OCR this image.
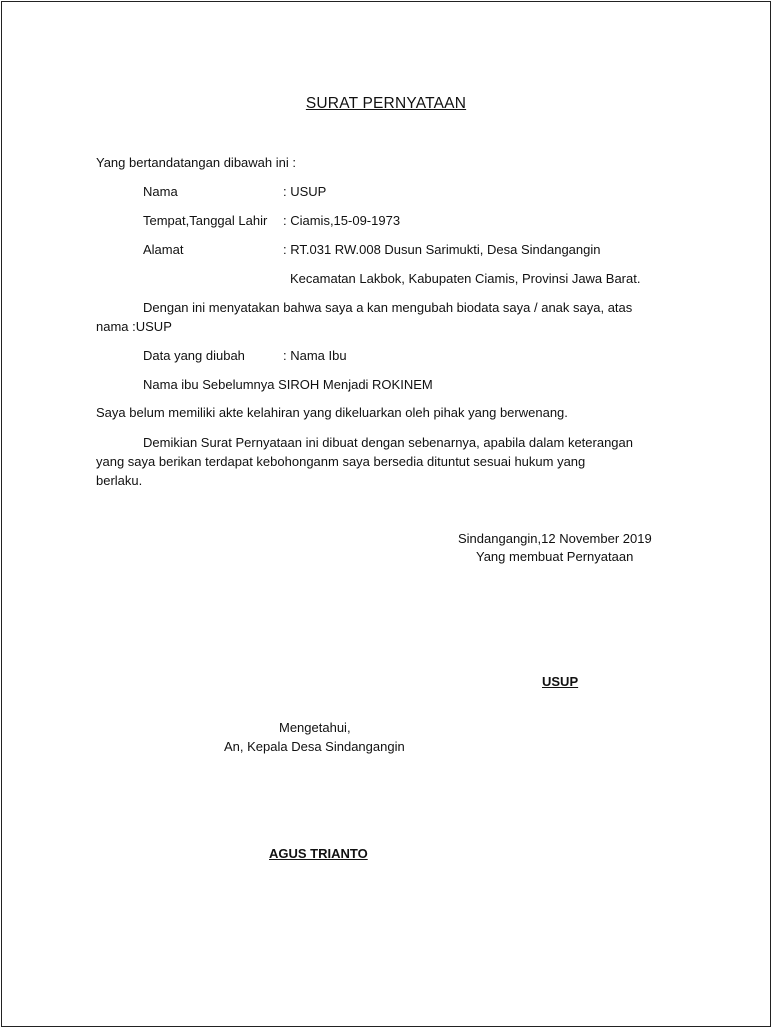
SURAT PERNYATAAN
Yang bertandatangan dibawah ini :
Nama	: USUP
Tempat,Tanggal Lahir : Ciamis,15-09-1973
Alamat	: RT.031 RW.008 Dusun Sarimukti, Desa Sindangangin
Kecamatan Lakbok, Kabupaten Ciamis, Provinsi Jawa Barat.
Dengan ini menyatakan bahwa saya a kan mengubah biodata saya / anak saya, atas
nama :USUP
Data yang diubah	: Nama Ibu
Nama ibu Sebelumnya SIROH Menjadi ROKINEM
Saya belum memiliki akte kelahiran yang dikeluarkan oleh pihak yang berwenang.
Demikian Surat Pernyataan ini dibuat dengan sebenarnya, apabila dalam keterangan
yang saya berikan terdapat kebohonganm saya bersedia dituntut sesuai hukum yang
berlaku.
Sindangangin,12 November 2019
Yang membuat Pernyataan
USUP
Mengetahui,
An, Kepala Desa Sindangangin
AGUS TRIANTO
